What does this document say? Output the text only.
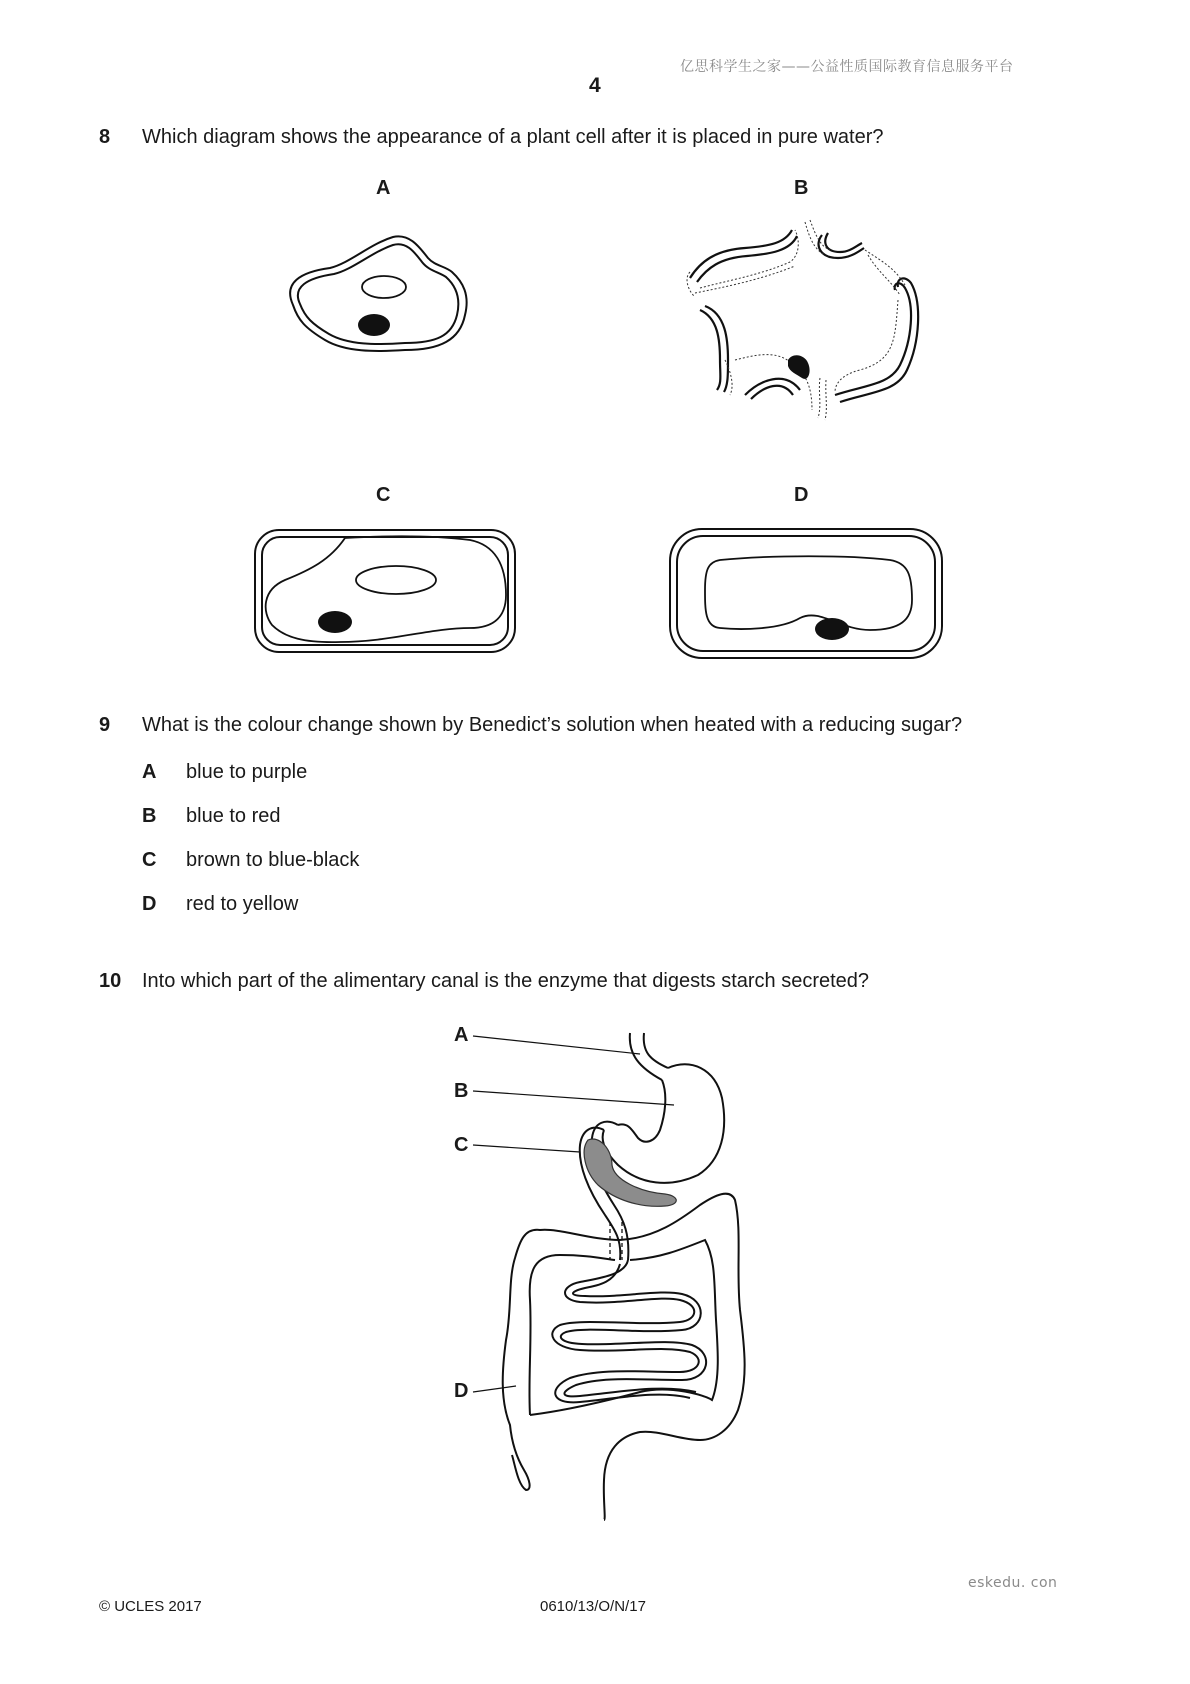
亿思科学生之家——公益性质国际教育信息服务平台
4
8 Which diagram shows the appearance of a plant cell after it is placed in pure water?
A	B
C	D
9 What is the colour change shown by Benedict’s solution when heated with a reducing sugar?
A blue to purple
B blue to red
C brown to blue-black
D red to yellow
10 Into which part of the alimentary canal is the enzyme that digests starch secreted?
A
B
C
D
eskedu. con
© UCLES 2017	0610/13/O/N/17
